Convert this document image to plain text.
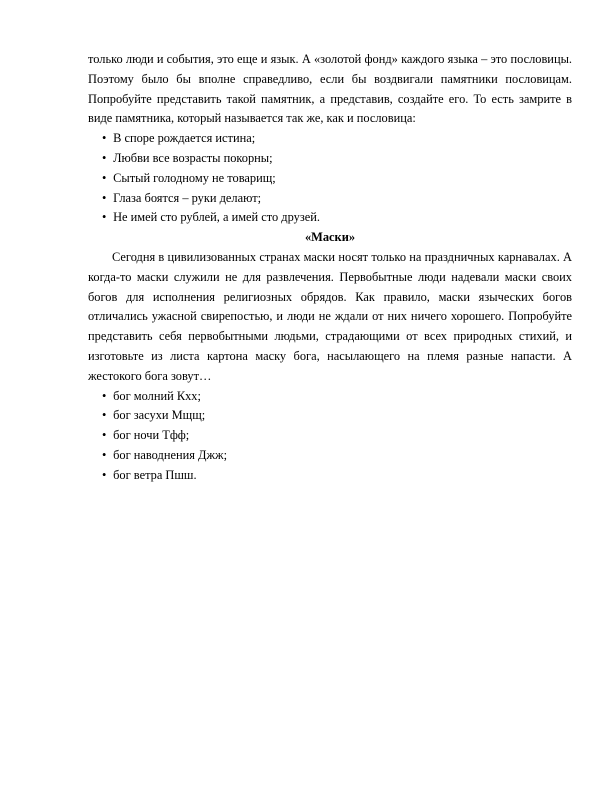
только люди и события, это еще и язык. А «золотой фонд» каждого языка – это пословицы. Поэтому было бы вполне справедливо, если бы воздвигали памятники пословицам. Попробуйте представить такой памятник, а представив, создайте его. То есть замрите в виде памятника, который называется так же, как и пословица:

• В споре рождается истина;
• Любви все возрасты покорны;
• Сытый голодному не товарищ;
• Глаза боятся – руки делают;
• Не имей сто рублей, а имей сто друзей.

«Маски»

Сегодня в цивилизованных странах маски носят только на праздничных карнавалах. А когда-то маски служили не для развлечения. Первобытные люди надевали маски своих богов для исполнения религиозных обрядов. Как правило, маски языческих богов отличались ужасной свирепостью, и люди не ждали от них ничего хорошего. Попробуйте представить себя первобытными людьми, страдающими от всех природных стихий, и изготовьте из листа картона маску бога, насылающего на племя разные напасти. А жестокого бога зовут…

• бог молний Кхх;
• бог засухи Мщщ;
• бог ночи Тфф;
• бог наводнения Джж;
• бог ветра Пшш.
